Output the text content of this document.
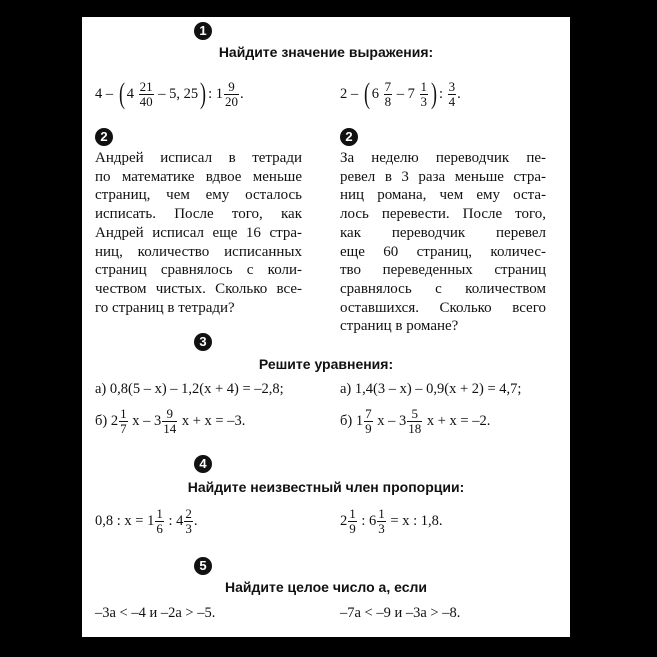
1
Найдите значение выражения:
4 – ( $4 \frac{21}{40} - 5$, 25) : $1 \frac{9}{20}$ .	2 – ( $6 \frac{7}{8} - 7 \frac{1}{3}$ ) : $\frac{3}{4}$ .
2	2
Андрей исписал в тетради
по математике вдвое меньше
страниц, чем ему осталось
исписать. После того, как
Андрей исписал еще 16 стра-
ниц, количество исписанных
страниц сравнялось с коли-
чеством чистых. Сколько все-
го страниц в тетради?
За неделю переводчик пе-
ревел в 3 раза меньше стра-
ниц романа, чем ему оста-
лось перевести. После того,
как переводчик перевел
еще 60 страниц, количес-
тво переведенных страниц
сравнялось с количеством
оставшихся. Сколько всего
страниц в романе?
3
Решите уравнения:
а) 0,8(5 – x) – 1,2(x + 4) = –2,8;	а) 1,4(3 – x) – 0,9(x + 2) = 4,7;
б) $2 \frac{1}{7}$ x – $3 \frac{9}{14}$ x + x = –3.	б) $1 \frac{7}{9}$ x – $3 \frac{5}{18}$ x + x = –2.
4
Найдите неизвестный член пропорции:
0,8 : $x = 1 \frac{1}{6}$ : $4 \frac{2}{3}$ .	$2 \frac{1}{9}$ : $6 \frac{1}{3} = x$ : 1,8.
5
Найдите целое число a, если
–3a < –4 и –2a > –5.	–7a < –9 и –3a > –8.
